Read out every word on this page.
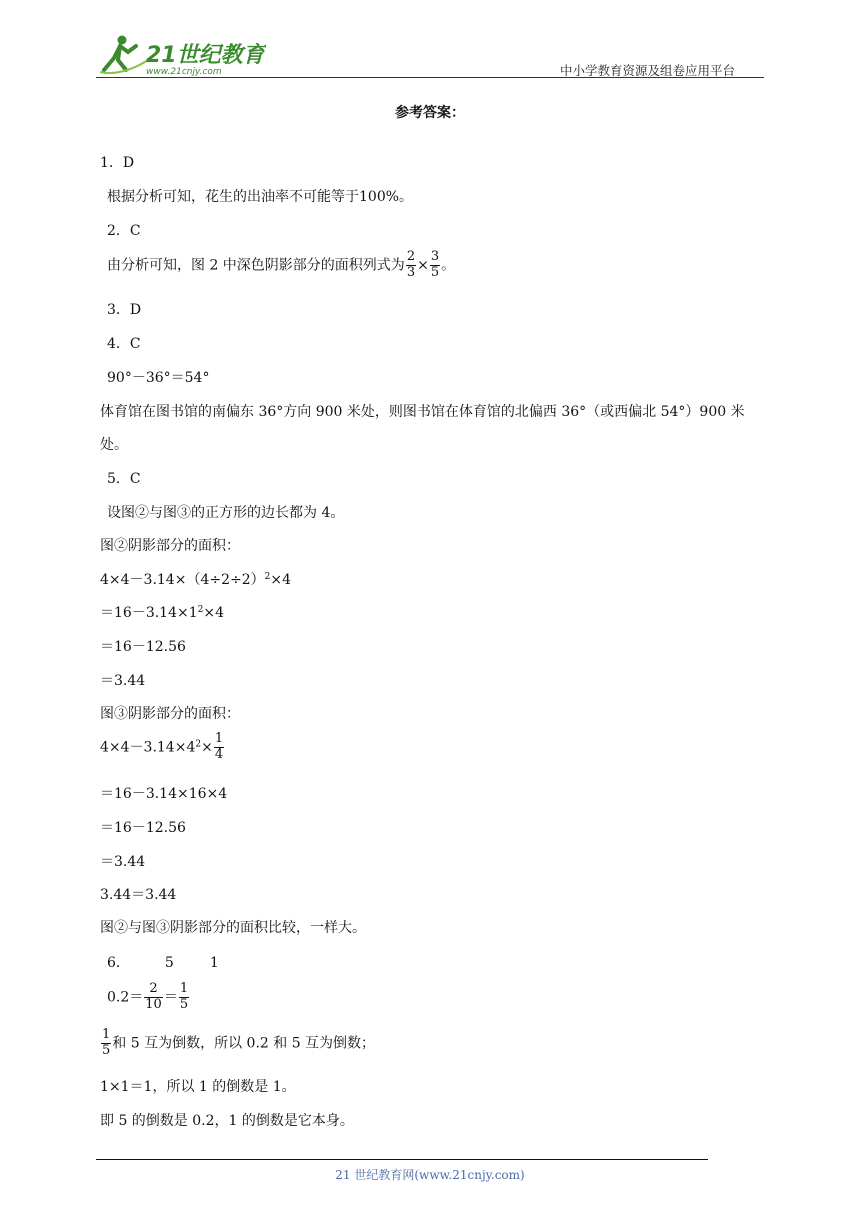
21世纪教育
www.21cnjy.com	中小学教育资源及组卷应用平台
参考答案：
1．D
根据分析可知，花生的出油率不可能等于100%。
2．C
由分析可知，图 2 中深色阴影部分的面积列式为 $\frac{2}{3} \times \frac{3}{5}$ 。
3．D
4．C
90°－36°＝54°
体育馆在图书馆的南偏东 36°方向 900 米处，则图书馆在体育馆的北偏西 36°（或西偏北 54°）900 米
处。
5．C
设图②与图③的正方形的边长都为 4。
图②阴影部分的面积：
$4\times 4-3.14\times(4\div 2\div 2)^2\times 4$
$=16-3.14\times 1^2\times 4$
＝16－12.56
＝3.44
图③阴影部分的面积：
$4\times 4-3.14\times 4^2\times \frac{1}{4}$
＝16－3.14×16×4
＝16－12.56
＝3.44
3.44＝3.44
图②与图③阴影部分的面积比较，一样大。
6．	5	1
$0.2= \frac{2}{10} = \frac{1}{5}$
$\frac{1}{5}$ 和 5 互为倒数，所以 0.2 和 5 互为倒数；
1×1＝1，所以 1 的倒数是 1。
即 5 的倒数是 0.2，1 的倒数是它本身。
21 世纪教育网(www.21cnjy.com)
